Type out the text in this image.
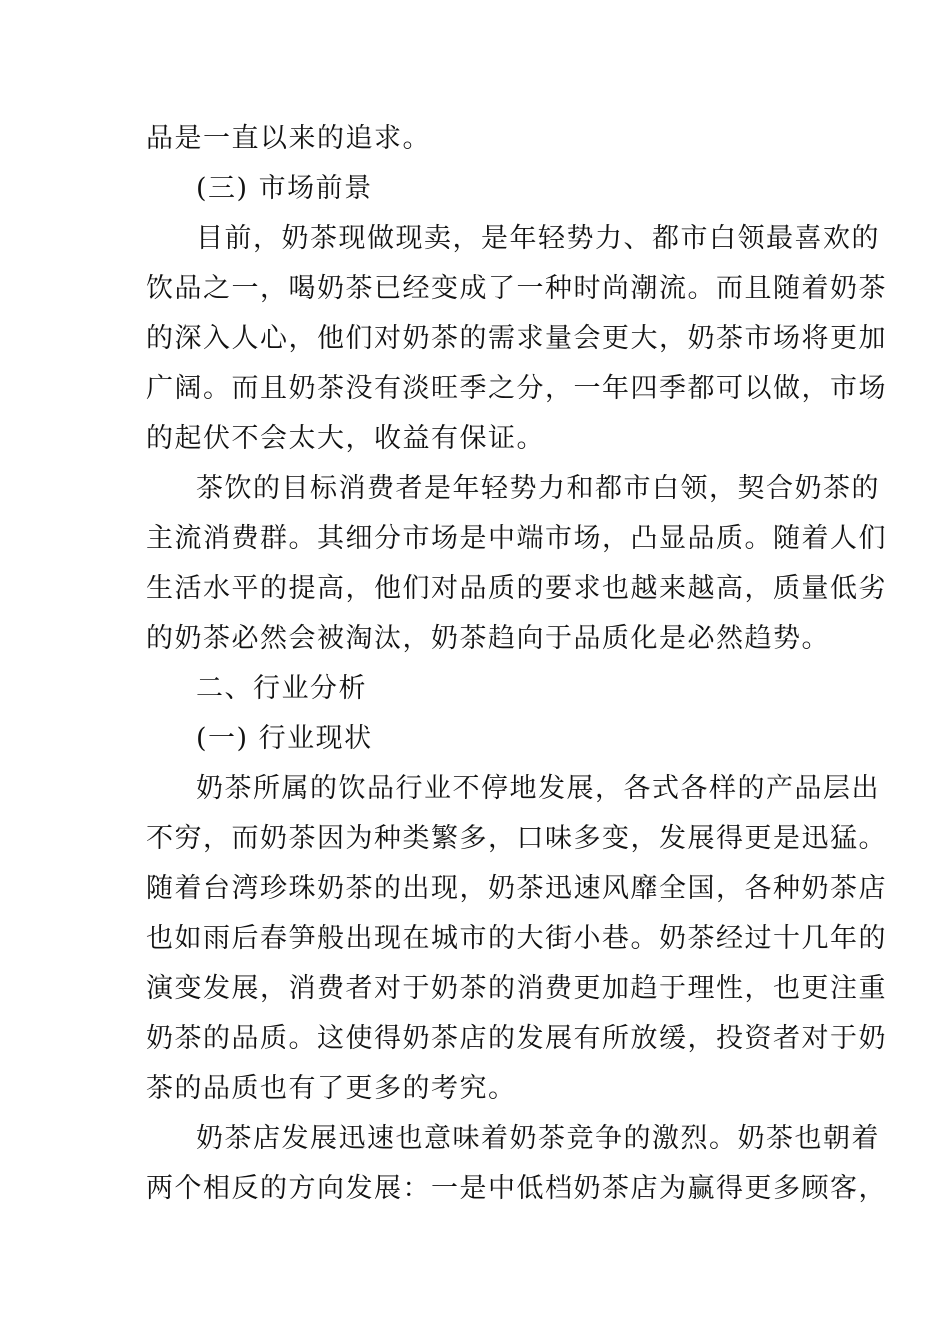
品是一直以来的追求。
(三) 市场前景
目前，奶茶现做现卖，是年轻势力、都市白领最喜欢的
饮品之一，喝奶茶已经变成了一种时尚潮流。而且随着奶茶
的深入人心，他们对奶茶的需求量会更大，奶茶市场将更加
广阔。而且奶茶没有淡旺季之分，一年四季都可以做，市场
的起伏不会太大，收益有保证。
茶饮的目标消费者是年轻势力和都市白领，契合奶茶的
主流消费群。其细分市场是中端市场，凸显品质。随着人们
生活水平的提高，他们对品质的要求也越来越高，质量低劣
的奶茶必然会被淘汰，奶茶趋向于品质化是必然趋势。
二、行业分析
(一) 行业现状
奶茶所属的饮品行业不停地发展，各式各样的产品层出
不穷，而奶茶因为种类繁多，口味多变，发展得更是迅猛。
随着台湾珍珠奶茶的出现，奶茶迅速风靡全国，各种奶茶店
也如雨后春笋般出现在城市的大街小巷。奶茶经过十几年的
演变发展，消费者对于奶茶的消费更加趋于理性，也更注重
奶茶的品质。这使得奶茶店的发展有所放缓，投资者对于奶
茶的品质也有了更多的考究。
奶茶店发展迅速也意味着奶茶竞争的激烈。奶茶也朝着
两个相反的方向发展：一是中低档奶茶店为赢得更多顾客，
